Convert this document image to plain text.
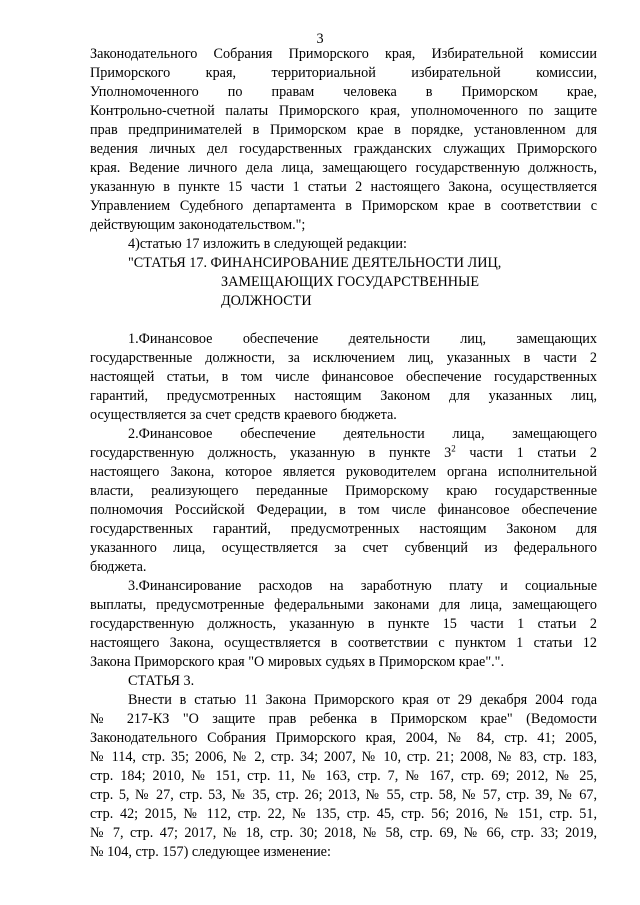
3

Законодательного Собрания Приморского края, Избирательной комиссии

Приморского края, территориальной избирательной комиссии,

Уполномоченного по правам человека в Приморском крае,

Контрольно-счетной палаты Приморского края, уполномоченного по защите

прав предпринимателей в Приморском крае в порядке, установленном для

ведения личных дел государственных гражданских служащих Приморского

края. Ведение личного дела лица, замещающего государственную должность,

указанную в пункте 15 части 1 статьи 2 настоящего Закона, осуществляется

Управлением Судебного департамента в Приморском крае в соответствии с

действующим законодательством.";

4)статью 17 изложить в следующей редакции:

"СТАТЬЯ 17. ФИНАНСИРОВАНИЕ ДЕЯТЕЛЬНОСТИ ЛИЦ,
ЗАМЕЩАЮЩИХ ГОСУДАРСТВЕННЫЕ
ДОЛЖНОСТИ

1.Финансовое обеспечение деятельности лиц, замещающих

государственные должности, за исключением лиц, указанных в части 2

настоящей статьи, в том числе финансовое обеспечение государственных

гарантий, предусмотренных настоящим Законом для указанных лиц,

осуществляется за счет средств краевого бюджета.

2.Финансовое обеспечение деятельности лица, замещающего

государственную должность, указанную в пункте $3^2$ части 1 статьи 2

настоящего Закона, которое является руководителем органа исполнительной

власти, реализующего переданные Приморскому краю государственные

полномочия Российской Федерации, в том числе финансовое обеспечение

государственных гарантий, предусмотренных настоящим Законом для

указанного лица, осуществляется за счет субвенций из федерального

бюджета.

3.Финансирование расходов на заработную плату и социальные

выплаты, предусмотренные федеральными законами для лица, замещающего

государственную должность, указанную в пункте 15 части 1 статьи 2

настоящего Закона, осуществляется в соответствии с пунктом 1 статьи 12

Закона Приморского края "О мировых судьях в Приморском крае".".

СТАТЬЯ 3.

Внести в статью 11 Закона Приморского края от 29 декабря 2004 года

№ 217-КЗ "О защите прав ребенка в Приморском крае" (Ведомости

Законодательного Собрания Приморского края, 2004, № 84, стр. 41; 2005,

№ 114, стр. 35; 2006, № 2, стр. 34; 2007, № 10, стр. 21; 2008, № 83, стр. 183,

стр. 184; 2010, № 151, стр. 11, № 163, стр. 7, № 167, стр. 69; 2012, № 25,

стр. 5, № 27, стр. 53, № 35, стр. 26; 2013, № 55, стр. 58, № 57, стр. 39, № 67,

стр. 42; 2015, № 112, стр. 22, № 135, стр. 45, стр. 56; 2016, № 151, стр. 51,

№ 7, стр. 47; 2017, № 18, стр. 30; 2018, № 58, стр. 69, № 66, стр. 33; 2019,

№ 104, стр. 157) следующее изменение:
